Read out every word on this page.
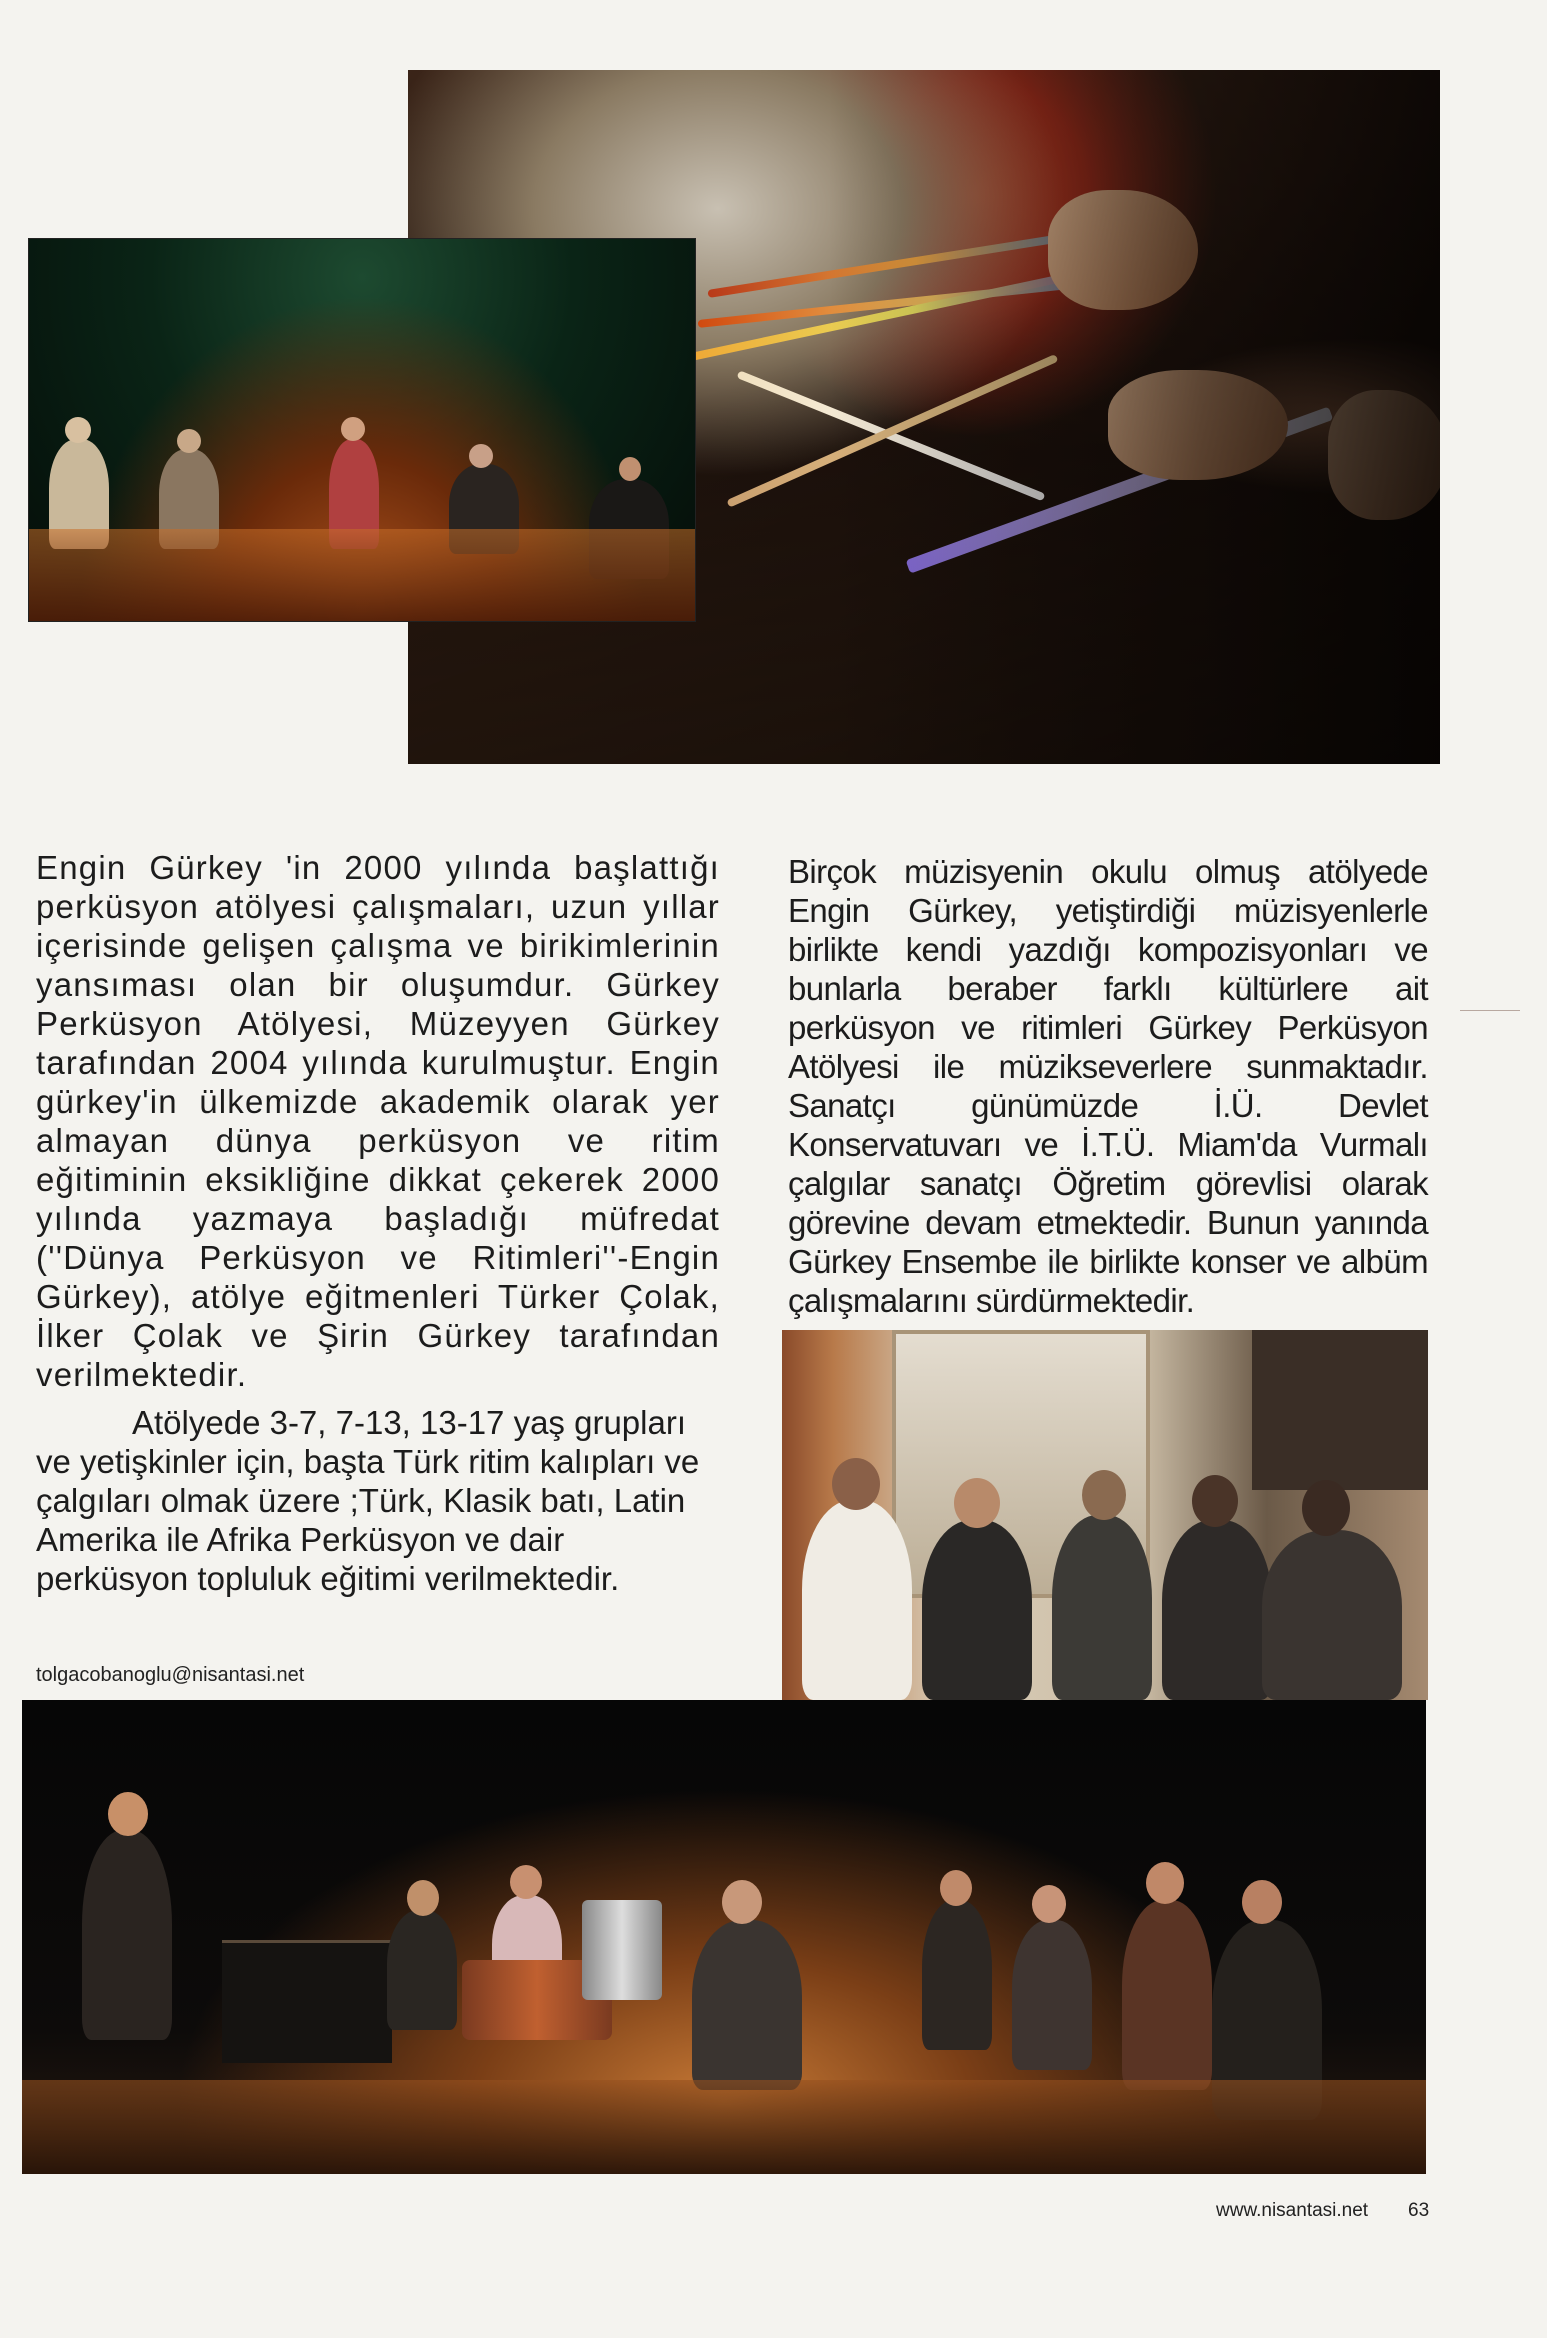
Engin Gürkey 'in 2000 yılında başlattığı perküsyon atölyesi çalışmaları, uzun yıllar içerisinde gelişen çalışma ve birikimlerinin yansıması olan bir oluşumdur. Gürkey Perküsyon Atölyesi, Müzeyyen Gürkey tarafından 2004 yılında kurulmuştur. Engin gürkey'in ülkemizde akademik olarak yer almayan dünya perküsyon ve ritim eğitiminin eksikliğine dikkat çekerek 2000 yılında yazmaya başladığı müfredat (''Dünya Perküsyon ve Ritimleri''-Engin Gürkey), atölye eğitmenleri Türker Çolak, İlker Çolak ve Şirin Gürkey tarafından verilmektedir.
Atölyede 3-7, 7-13, 13-17 yaş grupları ve yetişkinler için, başta Türk ritim kalıpları ve çalgıları olmak üzere ;Türk, Klasik batı, Latin Amerika ile Afrika Perküsyon ve dair perküsyon topluluk eğitimi verilmektedir.
Birçok müzisyenin okulu olmuş atölyede Engin Gürkey, yetiştirdiği müzisyenlerle birlikte kendi yazdığı kompozisyonları ve bunlarla beraber farklı kültürlere ait perküsyon ve ritimleri Gürkey Perküsyon Atölyesi ile müzikseverlere sunmaktadır. Sanatçı günümüzde İ.Ü. Devlet Konservatuvarı ve İ.T.Ü. Miam'da Vurmalı çalgılar sanatçı Öğretim görevlisi olarak görevine devam etmektedir. Bunun yanında Gürkey Ensembe ile birlikte konser ve albüm çalışmalarını sürdürmektedir.
tolgacobanoglu@nisantasi.net
www.nisantasi.net 63
